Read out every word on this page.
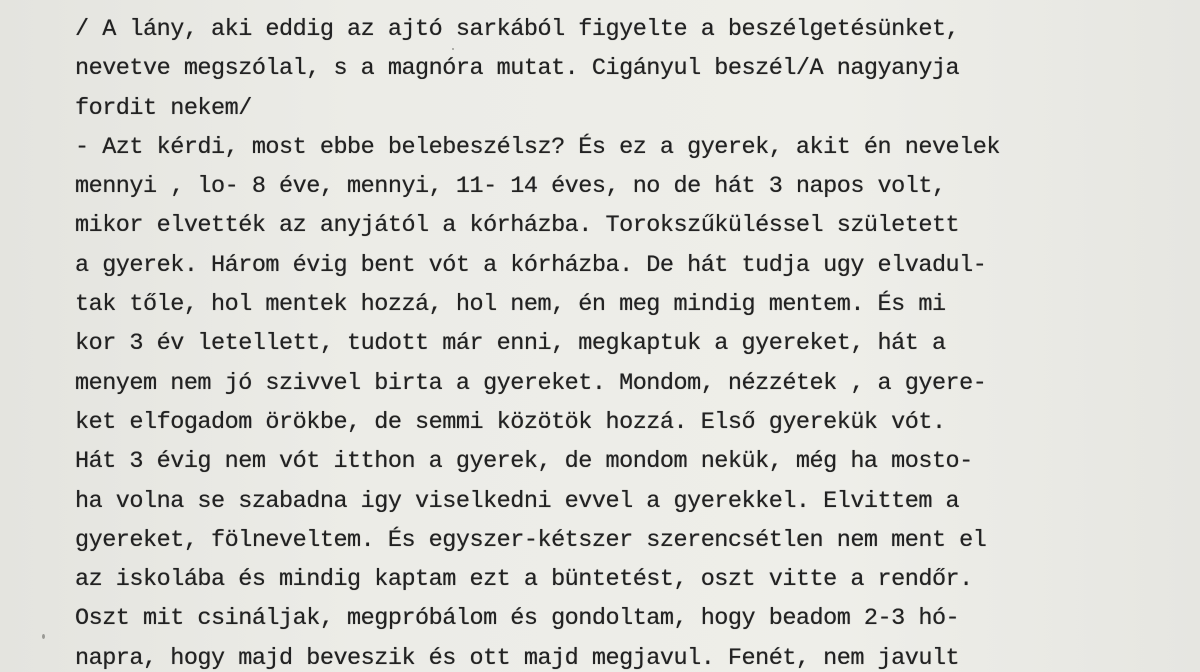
/ A lány, aki eddig az ajtó sarkából figyelte a beszélgetésünket,
nevetve megszólal, s a magnóra mutat. Cigányul beszél/A nagyanyja
fordit nekem/
- Azt kérdi, most ebbe belebeszélsz? És ez a gyerek, akit én nevelek
mennyi , lo- 8 éve, mennyi, 11- 14 éves, no de hát 3 napos volt,
mikor elvették az anyjától a kórházba. Torokszűküléssel született
a gyerek. Három évig bent vót a kórházba. De hát tudja ugy elvadul-
tak tőle, hol mentek hozzá, hol nem, én meg mindig mentem. És mi
kor 3 év letellett, tudott már enni, megkaptuk a gyereket, hát a
menyem nem jó szivvel birta a gyereket. Mondom, nézzétek , a gyere-
ket elfogadom örökbe, de semmi közötök hozzá. Első gyerekük vót.
Hát 3 évig nem vót itthon a gyerek, de mondom nekük, még ha mosto-
ha volna se szabadna igy viselkedni evvel a gyerekkel. Elvittem a
gyereket, fölneveltem. És egyszer-kétszer szerencsétlen nem ment el
az iskolába és mindig kaptam ezt a büntetést, oszt vitte a rendőr.
Oszt mit csináljak, megpróbálom és gondoltam, hogy beadom 2-3 hó-
napra, hogy majd beveszik és ott majd megjavul. Fenét, nem javult
